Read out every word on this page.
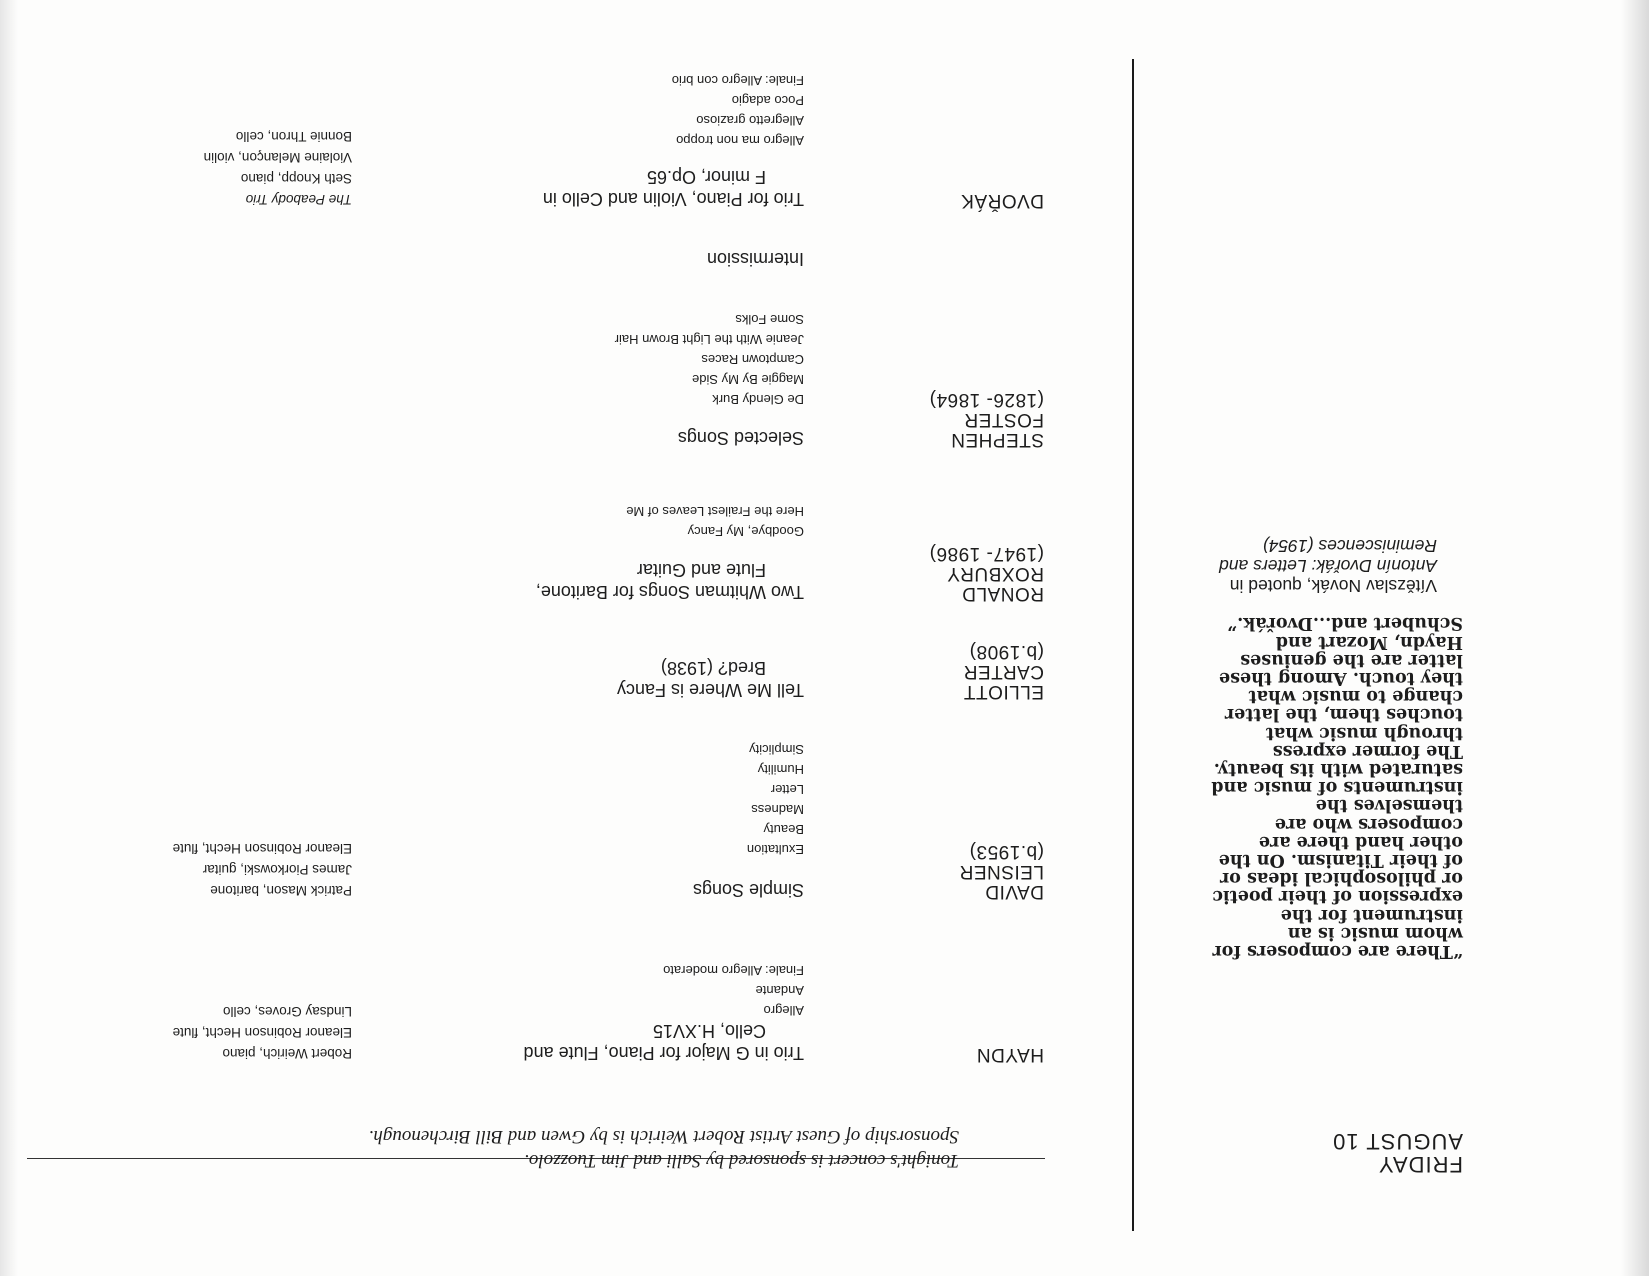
FRIDAY
AUGUST 10
“There are composers for
whom music is an
instrument for the
expression of their poetic
or philosophical ideas or
of their Titanism. On the
other hand there are
composers who are
themselves the
instruments of music and
saturated with its beauty.
The former express
through music what
touches them, the latter
change to music what
they touch. Among these
latter are the geniuses
Haydn, Mozart and
Schubert and...Dvořák.”
Vítězslav Novák, quoted in
Antonín Dvořák: Letters and
Reminiscences (1954)
Tonight's concert is sponsored by Salli and Jim Tuozzolo.
Sponsorship of Guest Artist Robert Weirich is by Gwen and Bill Birchenough.
HAYDN
Trio in G Major for Piano, Flute and
Cello, H.XV15
Allegro
Andante
Finale: Allegro moderato
Robert Weirich, piano
Eleanor Robinson Hecht, flute
Lindsay Groves, cello
DAVID
LEISNER
(b.1953)
Simple Songs
Exultation
Beauty
Madness
Letter
Humility
Simplicity
Patrick Mason, baritone
James Piorkowski, guitar
Eleanor Robinson Hecht, flute
ELLIOTT
CARTER
(b.1908)
Tell Me Where is Fancy
Bred? (1938)
RONALD
ROXBURY
(1947- 1986)
Two Whitman Songs for Baritone,
Flute and Guitar
Goodbye, My Fancy
Here the Frailest Leaves of Me
STEPHEN
FOSTER
(1826- 1864)
Selected Songs
De Glendy Burk
Maggie By My Side
Camptown Races
Jeanie With the Light Brown Hair
Some Folks
Intermission
DVOŘÁK
Trio for Piano, Violin and Cello in
F minor, Op.65
Allegro ma non troppo
Allegretto grazioso
Poco adagio
Finale: Allegro con brio
The Peabody Trio
Seth Knopp, piano
Violaine Melançon, violin
Bonnie Thron, cello
